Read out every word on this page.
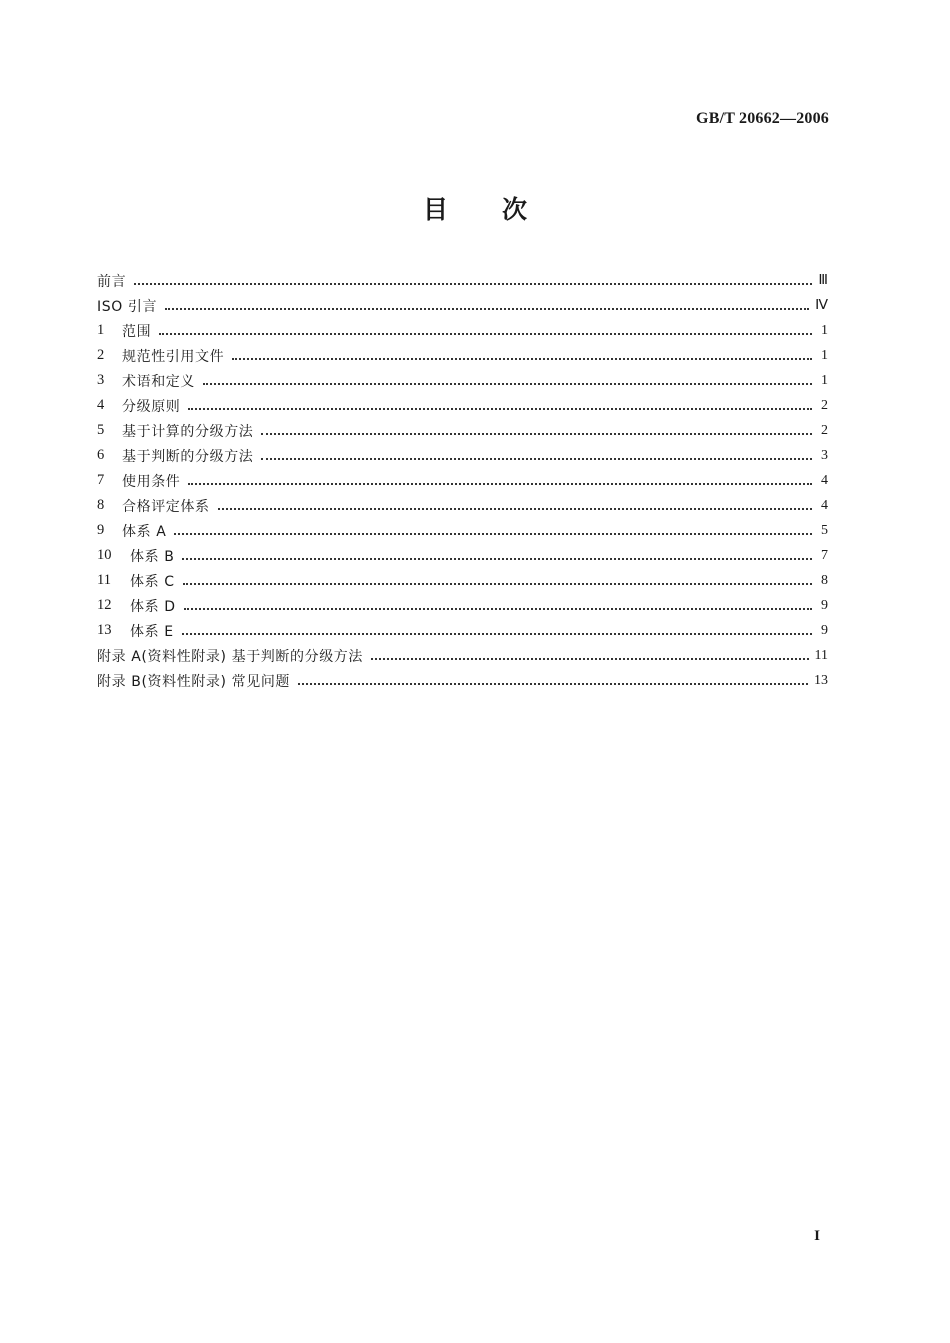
GB/T 20662—2006
目次
前言	Ⅲ
ISO 引言	Ⅳ
1	范围	1
2	规范性引用文件	1
3	术语和定义	1
4	分级原则	2
5	基于计算的分级方法	2
6	基于判断的分级方法	3
7	使用条件	4
8	合格评定体系	4
9	体系 A	5
10	体系 B	7
11	体系 C	8
12	体系 D	9
13	体系 E	9
附录 A(资料性附录) 基于判断的分级方法	11
附录 B(资料性附录) 常见问题	13
I
